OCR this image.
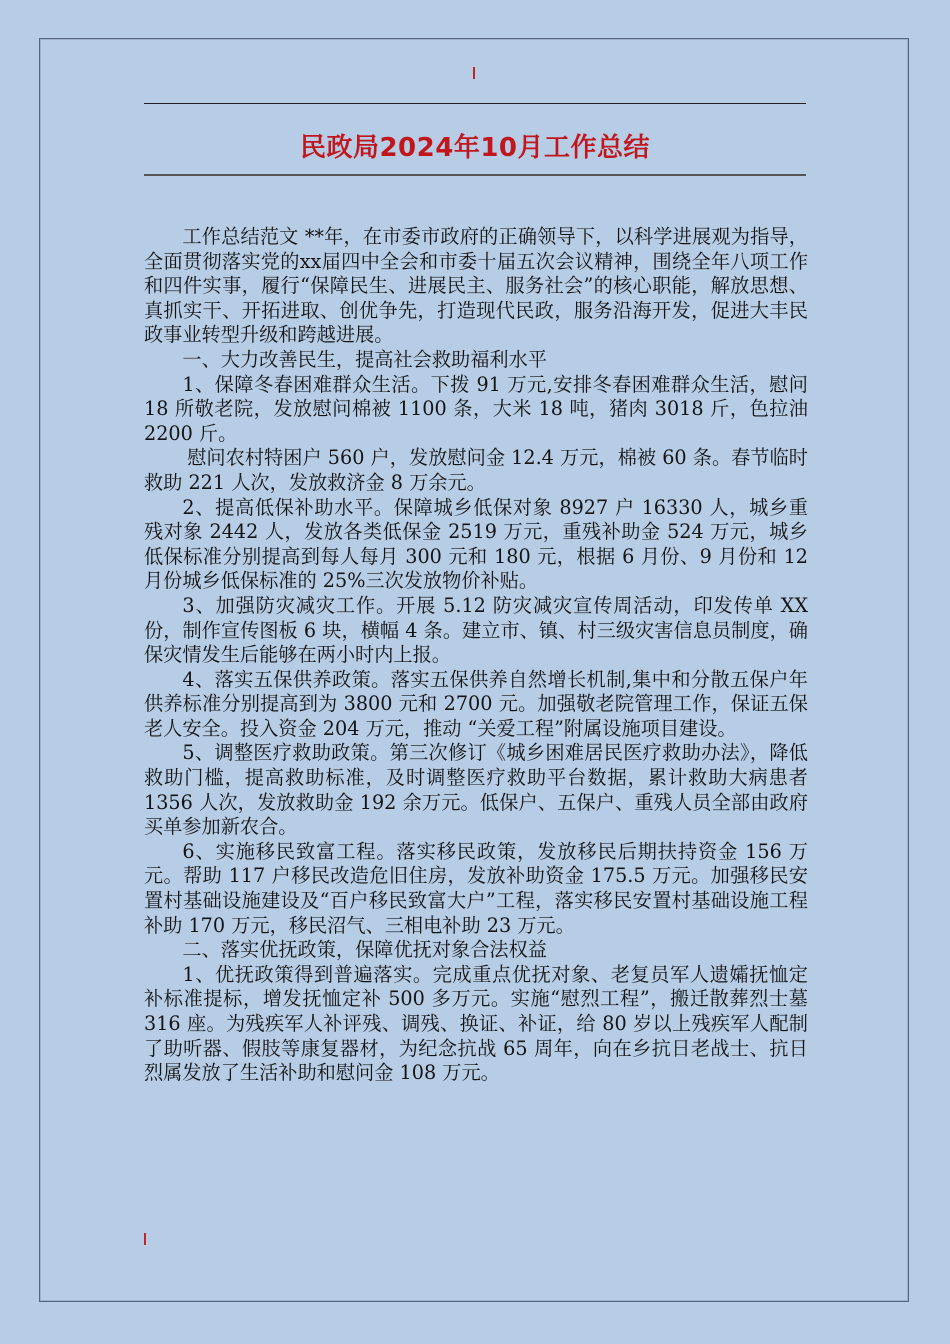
民政局2024年10月工作总结

工作总结范文 **年，在市委市政府的正确领导下，以科学进展观为指导，全面贯彻落实党的xx届四中全会和市委十届五次会议精神，围绕全年八项工作和四件实事，履行“保障民生、进展民主、服务社会”的核心职能，解放思想、真抓实干、开拓进取、创优争先，打造现代民政，服务沿海开发，促进大丰民政事业转型升级和跨越进展。

一、大力改善民生，提高社会救助福利水平

1、保障冬春困难群众生活。下拨 91 万元,安排冬春困难群众生活，慰问 18 所敬老院，发放慰问棉被 1100 条，大米 18 吨，猪肉 3018 斤，色拉油 2200 斤。

慰问农村特困户 560 户，发放慰问金 12.4 万元，棉被 60 条。春节临时救助 221 人次，发放救济金 8 万余元。

2、提高低保补助水平。保障城乡低保对象 8927 户 16330 人，城乡重残对象 2442 人，发放各类低保金 2519 万元，重残补助金 524 万元，城乡低保标准分别提高到每人每月 300 元和 180 元，根据 6 月份、9 月份和 12 月份城乡低保标准的 25%三次发放物价补贴。

3、加强防灾减灾工作。开展 5.12 防灾减灾宣传周活动，印发传单 XX 份，制作宣传图板 6 块，横幅 4 条。建立市、镇、村三级灾害信息员制度，确保灾情发生后能够在两小时内上报。

4、落实五保供养政策。落实五保供养自然增长机制,集中和分散五保户年供养标准分别提高到为 3800 元和 2700 元。加强敬老院管理工作，保证五保老人安全。投入资金 204 万元，推动 “关爱工程”附属设施项目建设。

5、调整医疗救助政策。第三次修订《城乡困难居民医疗救助办法》，降低救助门槛，提高救助标准，及时调整医疗救助平台数据，累计救助大病患者 1356 人次，发放救助金 192 余万元。低保户、五保户、重残人员全部由政府买单参加新农合。

6、实施移民致富工程。落实移民政策，发放移民后期扶持资金 156 万元。帮助 117 户移民改造危旧住房，发放补助资金 175.5 万元。加强移民安置村基础设施建设及“百户移民致富大户”工程，落实移民安置村基础设施工程补助 170 万元，移民沼气、三相电补助 23 万元。

二、落实优抚政策，保障优抚对象合法权益

1、优抚政策得到普遍落实。完成重点优抚对象、老复员军人遗孀抚恤定补标准提标，增发抚恤定补 500 多万元。实施“慰烈工程”，搬迁散葬烈士墓 316 座。为残疾军人补评残、调残、换证、补证，给 80 岁以上残疾军人配制了助听器、假肢等康复器材，为纪念抗战 65 周年，向在乡抗日老战士、抗日烈属发放了生活补助和慰问金 108 万元。
